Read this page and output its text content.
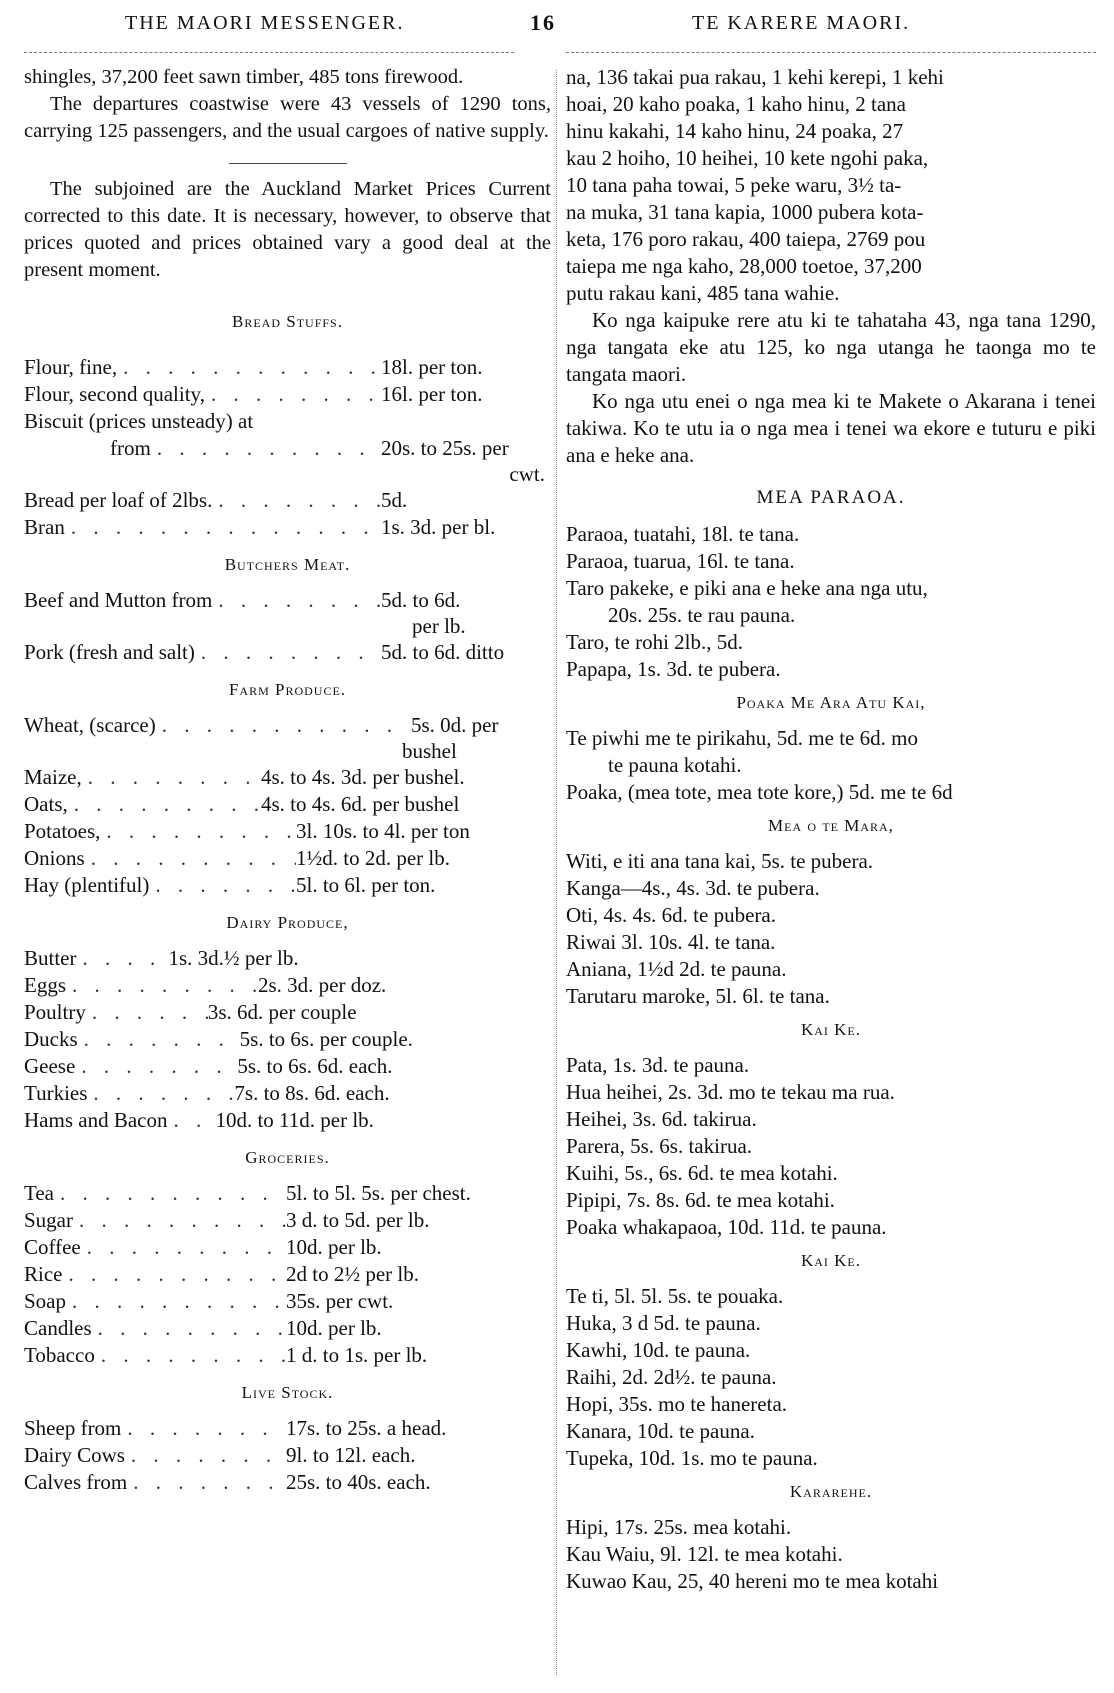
THE MAORI MESSENGER.	16	TE KARERE MAORI.

shingles, 37,200 feet sawn timber, 485 tons firewood.

The departures coastwise were 43 vessels of 1290 tons, carrying 125 passengers, and the usual cargoes of native supply.

The subjoined are the Auckland Market Prices Current corrected to this date. It is necessary, however, to observe that prices quoted and prices obtained vary a good deal at the present moment.

Bread Stuffs.
Flour, fine, . . .	18l. per ton.
Flour, second quality, . . .	16l. per ton.
Biscuit (prices unsteady) at
from . . .	20s. to 25s. per
cwt.
Bread per loaf of 2lbs. . . .	5d.
Bran . . .	1s. 3d. per bl.
Butchers Meat.
Beef and Mutton from . . .	5d. to 6d.
per lb.
Pork (fresh and salt) . . .	5d. to 6d. ditto
Farm Produce.
Wheat, (scarce) . . .	5s. 0d. per
bushel
Maize, . . .	4s. to 4s. 3d. per bushel.
Oats, . . .	4s. to 4s. 6d. per bushel
Potatoes, . . .	3l. 10s. to 4l. per ton
Onions . . .	1½d. to 2d. per lb.
Hay (plentiful) . . .	5l. to 6l. per ton.
Dairy Produce,
Butter . . .	1s. 3d.½ per lb.
Eggs . . .	2s. 3d. per doz.
Poultry . . .	3s. 6d. per couple
Ducks . . .	5s. to 6s. per couple.
Geese . . .	5s. to 6s. 6d. each.
Turkies . . .	7s. to 8s. 6d. each.
Hams and Bacon . . . 10d. to 11d. per lb.
Groceries.
Tea . . .	5l. to 5l. 5s. per chest.
Sugar . . .	3 d. to 5d. per lb.
Coffee . . .	10d. per lb.
Rice . . .	2d to 2½ per lb.
Soap . . .	35s. per cwt.
Candles . . .	10d. per lb.
Tobacco . . .	1 d. to 1s. per lb.
Live Stock.
Sheep from . . .	17s. to 25s. a head.
Dairy Cows . . .	9l. to 12l. each.
Calves from . . .	25s. to 40s. each.
na, 136 takai pua rakau, 1 kehi kerepi, 1 kehi
hoai, 20 kaho poaka, 1 kaho hinu, 2 tana
hinu kakahi, 14 kaho hinu, 24 poaka, 27
kau 2 hoiho, 10 heihei, 10 kete ngohi paka,
10 tana paha towai, 5 peke waru, 3½ ta-
na muka, 31 tana kapia, 1000 pubera kota-
keta, 176 poro rakau, 400 taiepa, 2769 pou
taiepa me nga kaho, 28,000 toetoe, 37,200
putu rakau kani, 485 tana wahie.

Ko nga kaipuke rere atu ki te tahataha 43, nga tana 1290, nga tangata eke atu 125, ko nga utanga he taonga mo te tangata maori.

Ko nga utu enei o nga mea ki te Makete o Akarana i tenei takiwa. Ko te utu ia o nga mea i tenei wa ekore e tuturu e piki ana e heke ana.

MEA PARAOA.
Paraoa, tuatahi, 18l. te tana.
Paraoa, tuarua, 16l. te tana.
Taro pakeke, e piki ana e heke ana nga utu,
20s. 25s. te rau pauna.
Taro, te rohi 2lb., 5d.
Papapa, 1s. 3d. te pubera.
Poaka Me Ara Atu Kai,
Te piwhi me te pirikahu, 5d. me te 6d. mo
te pauna kotahi.
Poaka, (mea tote, mea tote kore,) 5d. me te 6d
Mea o te Mara,
Witi, e iti ana tana kai, 5s. te pubera.
Kanga—4s., 4s. 3d. te pubera.
Oti, 4s. 4s. 6d. te pubera.
Riwai 3l. 10s. 4l. te tana.
Aniana, 1½d 2d. te pauna.
Tarutaru maroke, 5l. 6l. te tana.
Kai Ke.
Pata, 1s. 3d. te pauna.
Hua heihei, 2s. 3d. mo te tekau ma rua.
Heihei, 3s. 6d. takirua.
Parera, 5s. 6s. takirua.
Kuihi, 5s., 6s. 6d. te mea kotahi.
Pipipi, 7s. 8s. 6d. te mea kotahi.
Poaka whakapaoa, 10d. 11d. te pauna.
Kai Ke.
Te ti, 5l. 5l. 5s. te pouaka.
Huka, 3 d 5d. te pauna.
Kawhi, 10d. te pauna.
Raihi, 2d. 2d½. te pauna.
Hopi, 35s. mo te hanereta.
Kanara, 10d. te pauna.
Tupeka, 10d. 1s. mo te pauna.
Kararehe.
Hipi, 17s. 25s. mea kotahi.
Kau Waiu, 9l. 12l. te mea kotahi.
Kuwao Kau, 25, 40 hereni mo te mea kotahi
